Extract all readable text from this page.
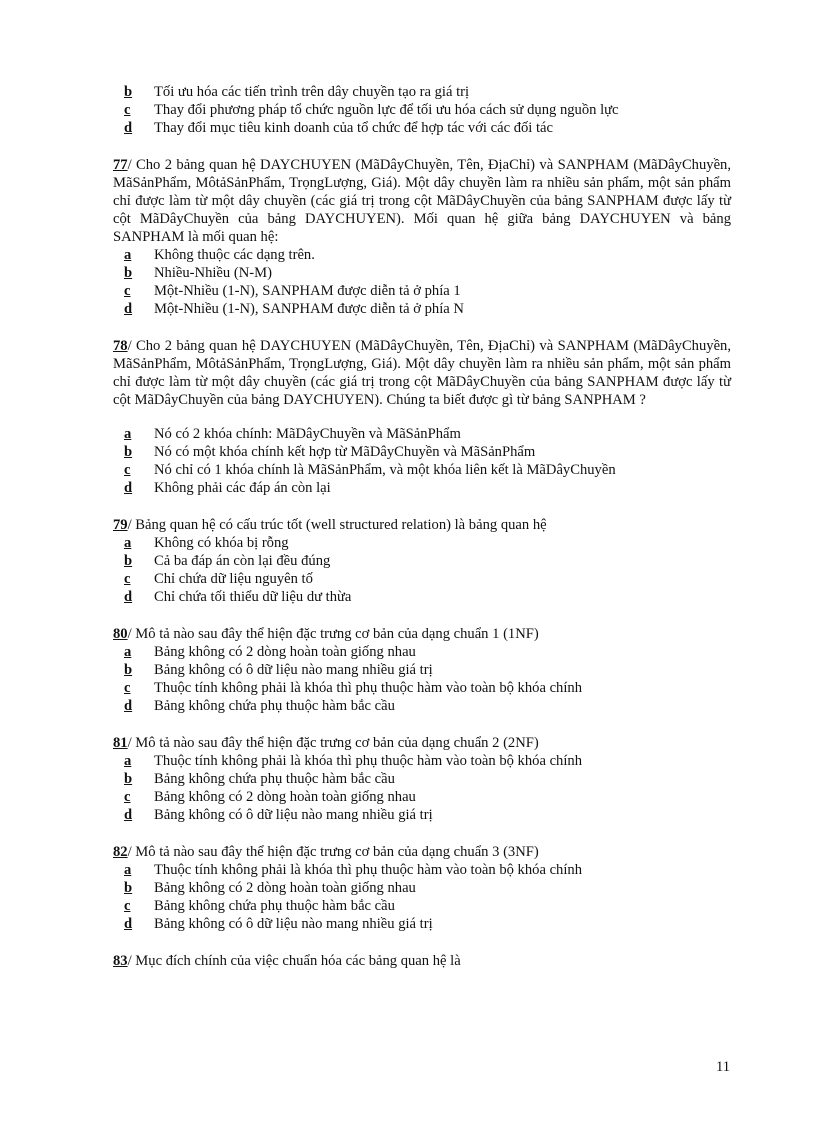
b	Tối ưu hóa các tiến trình trên dây chuyền tạo ra giá trị
c	Thay đổi phương pháp tổ chức nguồn lực để tối ưu hóa cách sử dụng nguồn lực
d	Thay đổi mục tiêu kinh doanh của tổ chức để hợp tác với các đối tác
77/ Cho 2 bảng quan hệ DAYCHUYEN (MãDâyChuyền, Tên, ĐịaChỉ) và SANPHAM (MãDâyChuyền, MãSảnPhẩm, MôtảSảnPhẩm, TrọngLượng, Giá). Một dây chuyền làm ra nhiều sản phẩm, một sản phẩm chỉ được làm từ một dây chuyền (các giá trị trong cột MãDâyChuyền của bảng SANPHAM được lấy từ cột MãDâyChuyền của bảng DAYCHUYEN). Mối quan hệ giữa bảng DAYCHUYEN và bảng SANPHAM là mối quan hệ:
a	Không thuộc các dạng trên.
b	Nhiều-Nhiều (N-M)
c	Một-Nhiều (1-N), SANPHAM được diễn tả ở phía 1
d	Một-Nhiều (1-N), SANPHAM được diễn tả ở phía N
78/ Cho 2 bảng quan hệ DAYCHUYEN (MãDâyChuyền, Tên, ĐịaChỉ) và SANPHAM (MãDâyChuyền, MãSảnPhẩm, MôtảSảnPhẩm, TrọngLượng, Giá). Một dây chuyền làm ra nhiều sản phẩm, một sản phẩm chỉ được làm từ một dây chuyền (các giá trị trong cột MãDâyChuyền của bảng SANPHAM được lấy từ cột MãDâyChuyền của bảng DAYCHUYEN). Chúng ta biết được gì từ bảng SANPHAM ?
a	Nó có 2 khóa chính: MãDâyChuyền và MãSảnPhẩm
b	Nó có một khóa chính kết hợp từ MãDâyChuyền và MãSảnPhẩm
c	Nó chỉ có 1 khóa chính là MãSảnPhẩm, và một khóa liên kết là MãDâyChuyền
d	Không phải các đáp án còn lại
79/ Bảng quan hệ có cấu trúc tốt (well structured relation) là bảng quan hệ
a	Không có khóa bị rỗng
b	Cả ba đáp án còn lại đều đúng
c	Chỉ chứa dữ liệu nguyên tố
d	Chỉ chứa tối thiểu dữ liệu dư thừa
80/ Mô tả nào sau đây thể hiện đặc trưng cơ bản của dạng chuẩn 1 (1NF)
a	Bảng không có 2 dòng hoàn toàn giống nhau
b	Bảng không có ô dữ liệu nào mang nhiều giá trị
c	Thuộc tính không phải là khóa thì phụ thuộc hàm vào toàn bộ khóa chính
d	Bảng không chứa phụ thuộc hàm bắc cầu
81/ Mô tả nào sau đây thể hiện đặc trưng cơ bản của dạng chuẩn 2 (2NF)
a	Thuộc tính không phải là khóa thì phụ thuộc hàm vào toàn bộ khóa chính
b	Bảng không chứa phụ thuộc hàm bắc cầu
c	Bảng không có 2 dòng hoàn toàn giống nhau
d	Bảng không có ô dữ liệu nào mang nhiều giá trị
82/ Mô tả nào sau đây thể hiện đặc trưng cơ bản của dạng chuẩn 3 (3NF)
a	Thuộc tính không phải là khóa thì phụ thuộc hàm vào toàn bộ khóa chính
b	Bảng không có 2 dòng hoàn toàn giống nhau
c	Bảng không chứa phụ thuộc hàm bắc cầu
d	Bảng không có ô dữ liệu nào mang nhiều giá trị
83/ Mục đích chính của việc chuẩn hóa các bảng quan hệ là
11
